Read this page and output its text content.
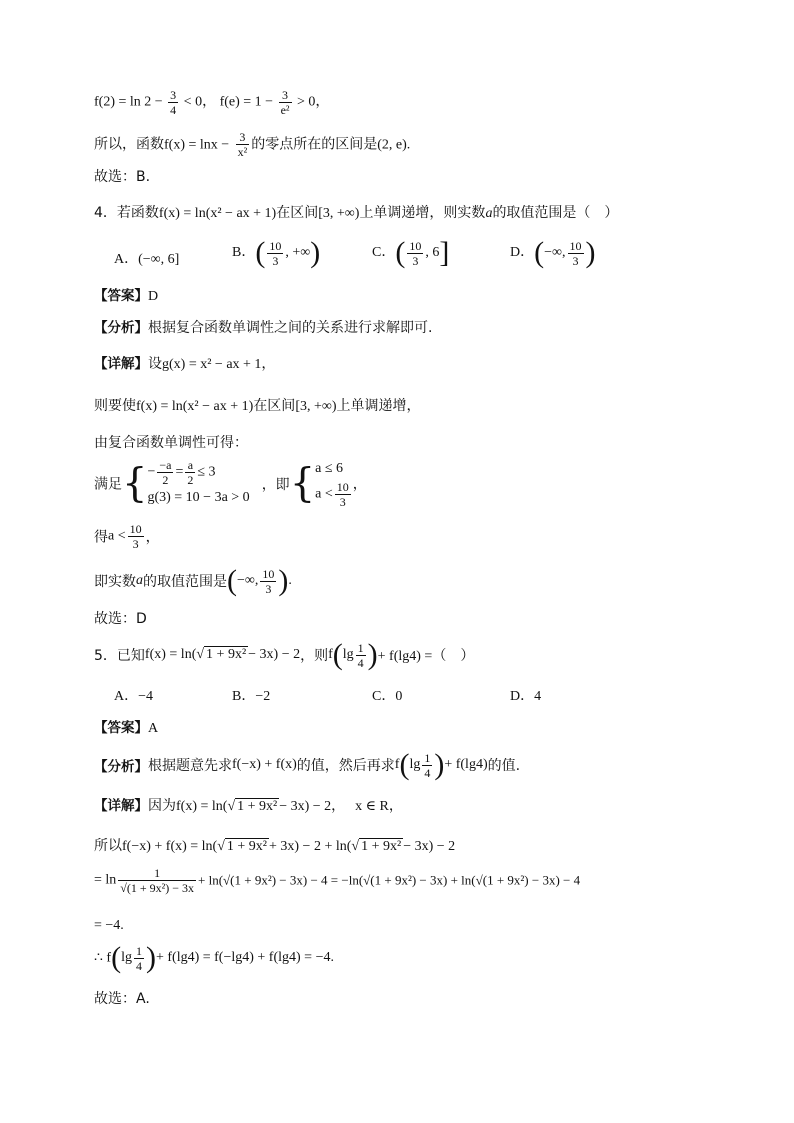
$f(2) = \ln 2 - \frac{3}{4} < 0$， $f(e) = 1 - \frac{3}{\text{e²}} > 0$，
所以，函数$f(x) = \ln x - \frac{3}{\text{x²}}$ 的零点所在的区间是(2, e).
故选：B.
4．若函数f(x) = ln(x² − ax + 1)在区间[3, +∞)上单调递增，则实数a的取值范围是（　）
A．(−∞, 6]	B．( $\frac{10}{3}$ , +∞)	C．( $\frac{10}{3}$ , 6]	D．(−∞, $\frac{10}{3}$ )
【答案】D
【分析】根据复合函数单调性之间的关系进行求解即可.
【详解】设g(x) = x² − ax + 1，
则要使f(x) = ln(x² − ax + 1)在区间[3, +∞)上单调递增，
由复合函数单调性可得：
满足{ − $\frac{-a}{2} = \frac{a}{2} \le 3$
g(3) = 10 − 3a > 0
，即{ a ≤ 6
$a < \frac{10}{3}$ ，
得$a < \frac{10}{3}$ ，
即实数a的取值范围是(−∞, $\frac{10}{3}$ ).
故选：D
5．已知f(x) = ln(√ 1 + 9x² − 3x) − 2，则$f(\lg \frac{1}{4}$ )+ f(lg4) =（　）
A．−4	B．−2	C．0	D．4
【答案】A
【分析】根据题意先求f(−x) + f(x)的值，然后再求$f(\lg \frac{1}{4}$ )+ f(lg4)的值.
【详解】因为f(x) = ln(√ 1 + 9x² − 3x) − 2， x ∈ R，
所以f(−x) + f(x) = ln(√ 1 + 9x² + 3x) − 2 + ln(√ 1 + 9x² − 3x) − 2
= $\ln \frac{1}{\text{√(1 + 9x²) − 3x}} + \ln(√(1 + 9x^2) - 3x) - 4 = -\ln(√(1 + 9x^2) - 3x) + \ln(√(1 + 9x^2) - 3x) - 4$
= −4.
∴ $f(\lg \frac{1}{4}$ )+ f(lg4) = f(−lg4) + f(lg4) = −4.
故选：A.
